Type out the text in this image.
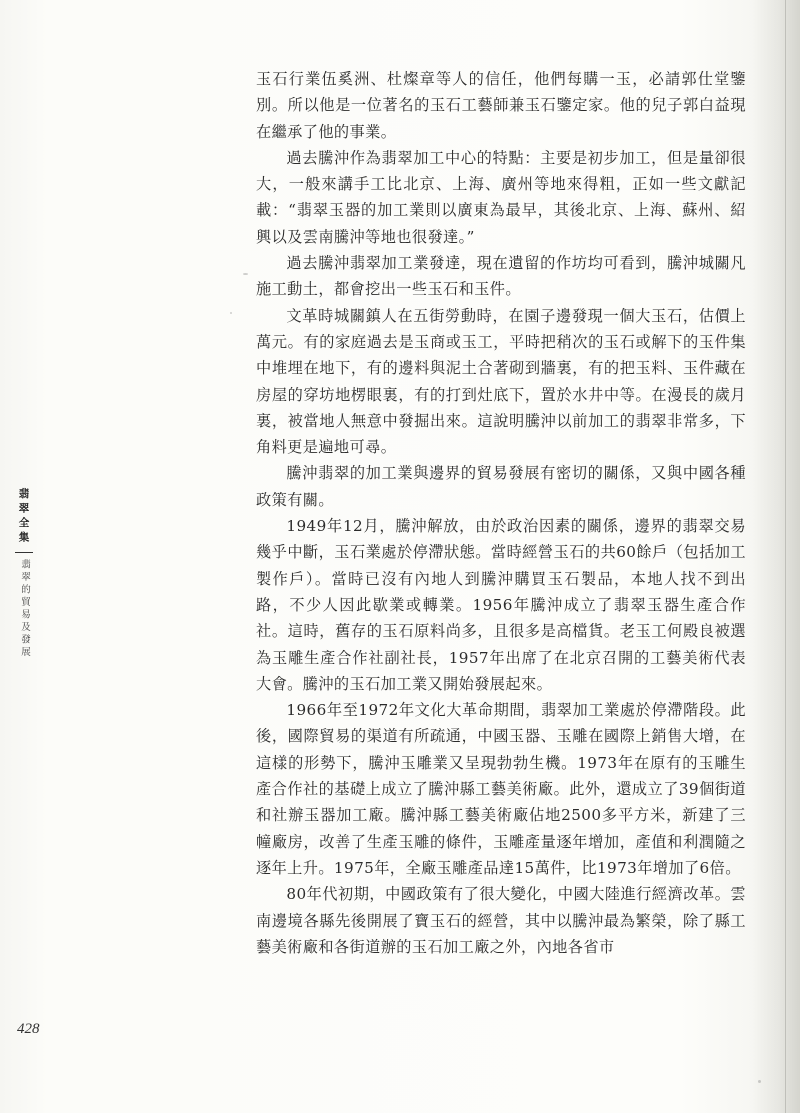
翡翠全集
翡翠的貿易及發展

玉石行業伍奚洲、杜燦章等人的信任，他們每購一玉，必請郭仕堂鑒別。所以他是一位著名的玉石工藝師兼玉石鑒定家。他的兒子郭白益現在繼承了他的事業。

過去騰沖作為翡翠加工中心的特點：主要是初步加工，但是量卻很大，一般來講手工比北京、上海、廣州等地來得粗，正如一些文獻記載：“翡翠玉器的加工業則以廣東為最早，其後北京、上海、蘇州、紹興以及雲南騰沖等地也很發達。”

過去騰沖翡翠加工業發達，現在遺留的作坊均可看到，騰沖城關凡施工動土，都會挖出一些玉石和玉件。

文革時城關鎮人在五街勞動時，在園子邊發現一個大玉石，估價上萬元。有的家庭過去是玉商或玉工，平時把稍次的玉石或解下的玉件集中堆埋在地下，有的邊料與泥土合著砌到牆裏，有的把玉料、玉件藏在房屋的穿坊地楞眼裏，有的打到灶底下，置於水井中等。在漫長的歲月裏，被當地人無意中發掘出來。這說明騰沖以前加工的翡翠非常多，下角料更是遍地可尋。

騰沖翡翠的加工業與邊界的貿易發展有密切的關係，又與中國各種政策有關。

1949年12月，騰沖解放，由於政治因素的關係，邊界的翡翠交易幾乎中斷，玉石業處於停滯狀態。當時經營玉石的共60餘戶（包括加工製作戶）。當時已沒有內地人到騰沖購買玉石製品，本地人找不到出路，不少人因此歇業或轉業。1956年騰沖成立了翡翠玉器生產合作社。這時，舊存的玉石原料尚多，且很多是高檔貨。老玉工何殿良被選為玉雕生產合作社副社長，1957年出席了在北京召開的工藝美術代表大會。騰沖的玉石加工業又開始發展起來。

1966年至1972年文化大革命期間，翡翠加工業處於停滯階段。此後，國際貿易的渠道有所疏通，中國玉器、玉雕在國際上銷售大增，在這樣的形勢下，騰沖玉雕業又呈現勃勃生機。1973年在原有的玉雕生產合作社的基礎上成立了騰沖縣工藝美術廠。此外，還成立了39個街道和社辦玉器加工廠。騰沖縣工藝美術廠佔地2500多平方米，新建了三幢廠房，改善了生產玉雕的條件，玉雕產量逐年增加，產值和利潤隨之逐年上升。1975年，全廠玉雕產品達15萬件，比1973年增加了6倍。

80年代初期，中國政策有了很大變化，中國大陸進行經濟改革。雲南邊境各縣先後開展了寶玉石的經營，其中以騰沖最為繁榮，除了縣工藝美術廠和各街道辦的玉石加工廠之外，內地各省市

428
